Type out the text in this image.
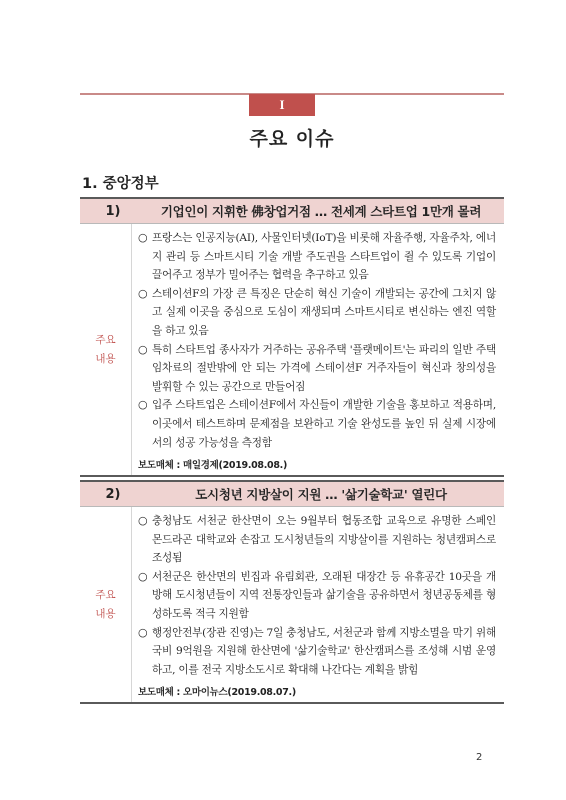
I
주요 이슈
1. 중앙정부
1)	기업인이 지휘한 佛창업거점 … 전세계 스타트업 1만개 몰려
주요
내용
○ 프랑스는 인공지능(AI), 사물인터넷(IoT)을 비롯해 자율주행, 자율주차, 에너지 관리 등 스마트시티 기술 개발 주도권을 스타트업이 쥘 수 있도록 기업이 끌어주고 정부가 밀어주는 협력을 추구하고 있음
○ 스테이션F의 가장 큰 특징은 단순히 혁신 기술이 개발되는 공간에 그치지 않고 실제 이곳을 중심으로 도심이 재생되며 스마트시티로 변신하는 엔진 역할을 하고 있음
○ 특히 스타트업 종사자가 거주하는 공유주택 '플랫메이트'는 파리의 일반 주택 임차료의 절반밖에 안 되는 가격에 스테이션F 거주자들이 혁신과 창의성을 발휘할 수 있는 공간으로 만들어짐
○ 입주 스타트업은 스테이션F에서 자신들이 개발한 기술을 홍보하고 적용하며, 이곳에서 테스트하며 문제점을 보완하고 기술 완성도를 높인 뒤 실제 시장에서의 성공 가능성을 측정함
보도매체 : 매일경제(2019.08.08.)
2)	도시청년 지방살이 지원 … '삶기술학교' 열린다
주요
내용
○ 충청남도 서천군 한산면이 오는 9월부터 협동조합 교육으로 유명한 스페인 몬드라곤 대학교와 손잡고 도시청년들의 지방살이를 지원하는 청년캠퍼스로 조성됨
○ 서천군은 한산면의 빈집과 유림회관, 오래된 대장간 등 유휴공간 10곳을 개방해 도시청년들이 지역 전통장인들과 삶기술을 공유하면서 청년공동체를 형성하도록 적극 지원함
○ 행정안전부(장관 진영)는 7일 충청남도, 서천군과 함께 지방소멸을 막기 위해 국비 9억원을 지원해 한산면에 '삶기술학교' 한산캠퍼스를 조성해 시범 운영하고, 이를 전국 지방소도시로 확대해 나간다는 계획을 밝힘
보도매체 : 오마이뉴스(2019.08.07.)
2
